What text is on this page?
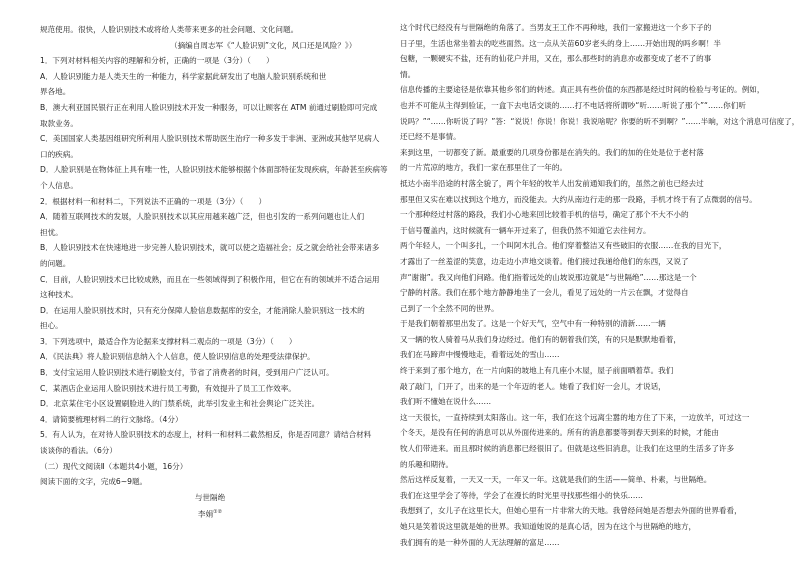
规范使用。很快，人脸识别技术或将给人类带来更多的社会问题、文化问题。

（摘编自周志军《“人脸识别”文化，风口还是风险？》）

1．下列对材料相关内容的理解和分析，正确的一项是（3分）（　　）

A．人脸识别能力是人类天生的一种能力，科学家据此研发出了电脑人脸识别系统和世

界各地。

B．澳大利亚国民银行正在利用人脸识别技术开发一种服务，可以让顾客在 ATM 前通过刷脸即可完成

取款业务。

C．美国国家人类基因组研究所利用人脸识别技术帮助医生治疗一种多发于非洲、亚洲或其他罕见病人

口的疾病。

D．人脸识别是在物体征上具有唯一性，人脸识别技术能够根据个体面部特征发现疾病，年龄甚至疾病等

个人信息。

2．根据材料一和材料二，下列说法不正确的一项是（3分）（　　）

A．随着互联网技术的发展，人脸识别技术以其应用越来越广泛，但也引发的一系列问题也让人们

担忧。

B．人脸识别技术在快速地进一步完善人脸识别技术，就可以使之造福社会；反之就会给社会带来诸多

的问题。

C．目前，人脸识别技术已比较成熟，而且在一些领域得到了积极作用，但它在有的领域并不适合运用

这种技术。

D．在运用人脸识别技术时，只有充分保障人脸信息数据库的安全，才能消除人脸识别这一技术的

担心。

3．下列选项中，最适合作为论据来支撑材料二观点的一项是（3分）（　　）

A．《民法典》将人脸识别信息纳入个人信息，使人脸识别信息的处理受法律保护。

B．支付宝运用人脸识别技术进行刷脸支付，节省了消费者的时间，受到用户广泛认可。

C．某酒店企业运用人脸识别技术进行员工考勤，有效提升了员工工作效率。

D．北京某住宅小区设置刷脸进入的门禁系统，此举引发业主和社会舆论广泛关注。

4．请简要梳理材料二的行文脉络。（4分）

5．有人认为，在对待人脸识别技术的态度上，材料一和材料二截然相反，你是否同意？请结合材料

谈谈你的看法。（6分）

（二）现代文阅读Ⅱ（本题共4小题，16分）

阅读下面的文字，完成6~9题。

与世隔绝

李娟①②

这个时代已经没有与世隔绝的角落了。当男友王工作不再种地，我们一家搬进这一个乡下子的

日子里，生活也常坐着去的吃些面然。这一点从关苗60岁老头的身上……开始出现的吗乡啊！半

包糖，一颗硬实不盐，还有的仙花户并用，又在，那么那些时的消息亦或都变成了老不了的事

情。

信息传播的主要途径是依靠其他乡邻们的转述。真正具有些价值的东西都是经过时间的检验与考证的。例如，

也并不可能从主得到验证，一盒下去电话交谈的……打不电话将所谓吵“听……听说了那个”“……你们听

说吗？”“……你听说了吗？”答：“说说！你说！你说！我说啥呢？你要的听不到啊？”……半晌，对这个消息可信度了，

还已经不是事情。

来到这里，一切都变了新。最重要的几项身份都是在消失的。我们的加的住处是位于老村落

的一片荒凉的地方，我们一家在那里住了一年的。

抵达小南半沿途的村落全貌了，两个年轻的牧羊人出发前通知我们的，虽然之前也已经去过

那里但又实在难以找到这个地方，而没能去。大约从南边行走的那一段路，手机才终于有了点微弱的信号。

一个那种经过村落的路段，我们小心地来回比较着手机的信号，确定了那个不大不小的

于信号覆盖内，这时候就有一辆车开过来了，但我仍然不知道它去往何方。

两个年轻人，一个叫多扎，一个叫阿木扎合。他们穿着整洁又有些破旧的衣服……在我的目光下，

才露出了一丝羞涩的笑意，边走边小声地交谈着。他们接过我递给他们的东西，又说了

声“谢谢”。我又向他们问路。他们指着远处的山坡说那边就是“与世隔绝”……那这是一个

宁静的村落。我们在那个地方静静地坐了一会儿，看见了远处的一片云在飘，才觉得自

己到了一个全然不同的世界。

于是我们朝着那里出发了。这是一个好天气，空气中有一种特别的清新……一辆

又一辆的牧人骑着马从我们身边经过。他们有的朝着我们笑，有的只是默默地看着，

我们在马蹄声中慢慢地走，看着远处的雪山……

终于来到了那个地方，在一片向阳的坡地上有几座小木屋，屋子前面晒着草。我们

敲了敲门，门开了，出来的是一个年迈的老人。她看了我们好一会儿，才说话，

我们听不懂她在说什么……

这一天很长，一直持续到太阳落山。这一年，我们在这个远离尘嚣的地方住了下来，一边放羊，可过这一

个冬天，是没有任何的消息可以从外面传进来的。所有的消息都要等到春天到来的时候，才能由

牧人们带进来。而且那时候的消息都已经很旧了。但就是这些旧消息，让我们在这里的生活多了许多

的乐趣和期待。

然后这样反复着，一天又一天，一年又一年。这就是我们的生活——简单、朴素，与世隔绝。

我们在这里学会了等待，学会了在漫长的时光里寻找那些细小的快乐……

我想到了，女儿子在这里长大，但她心里有一片非常大的天地。我曾经问她是否想去外面的世界看看，

她只是笑着说这里就是她的世界。我知道她说的是真心话，因为在这个与世隔绝的地方，

我们拥有的是一种外面的人无法理解的富足……
